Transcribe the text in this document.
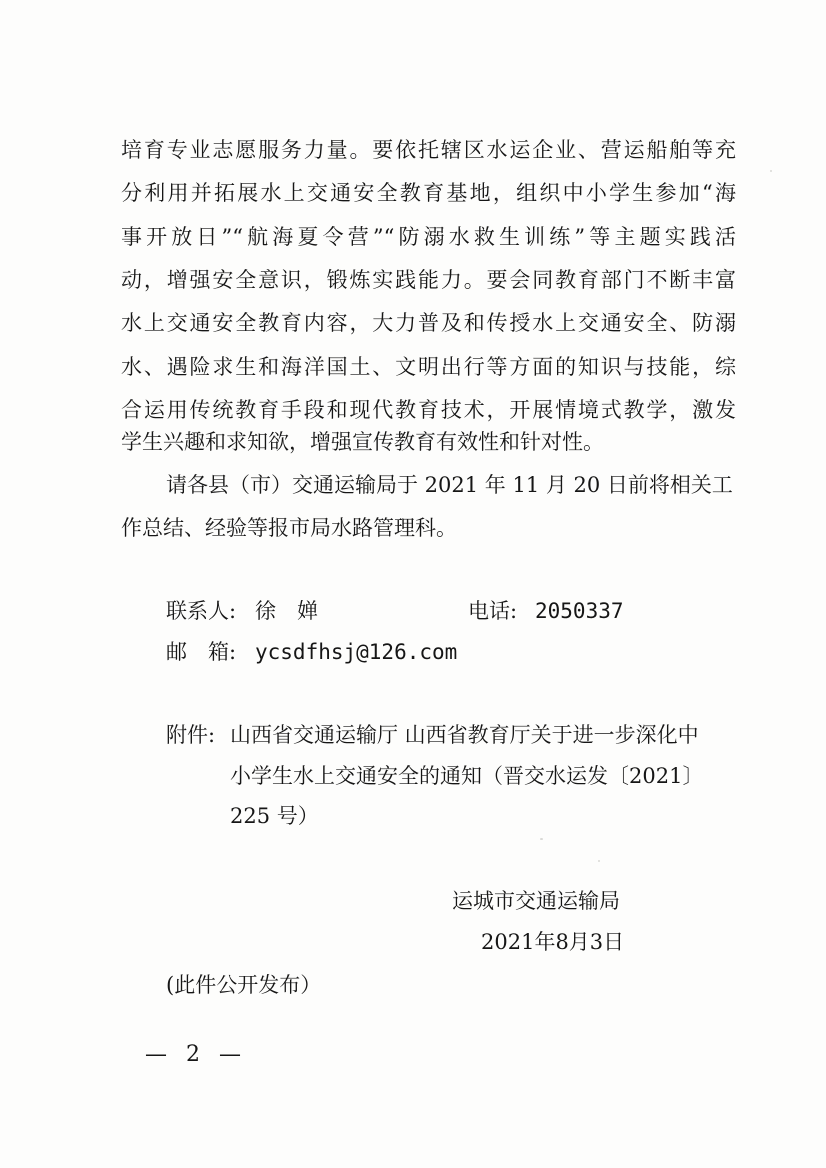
培育专业志愿服务力量。要依托辖区水运企业、营运船舶等充
分利用并拓展水上交通安全教育基地，组织中小学生参加“海
事开放日”“航海夏令营”“防溺水救生训练”等主题实践活
动，增强安全意识，锻炼实践能力。要会同教育部门不断丰富
水上交通安全教育内容，大力普及和传授水上交通安全、防溺
水、遇险求生和海洋国土、文明出行等方面的知识与技能，综
合运用传统教育手段和现代教育技术，开展情境式教学，激发
学生兴趣和求知欲，增强宣传教育有效性和针对性。
请各县（市）交通运输局于 2021 年 11 月 20 日前将相关工
作总结、经验等报市局水路管理科。
联系人: 徐　婵	电话: 2050337
邮　箱: ycsdfhsj@126.com
附件: 山西省交通运输厅 山西省教育厅关于进一步深化中
小学生水上交通安全的通知（晋交水运发〔2021〕
225 号）
运城市交通运输局
2021年8月3日
(此件公开发布）
— 2 —
